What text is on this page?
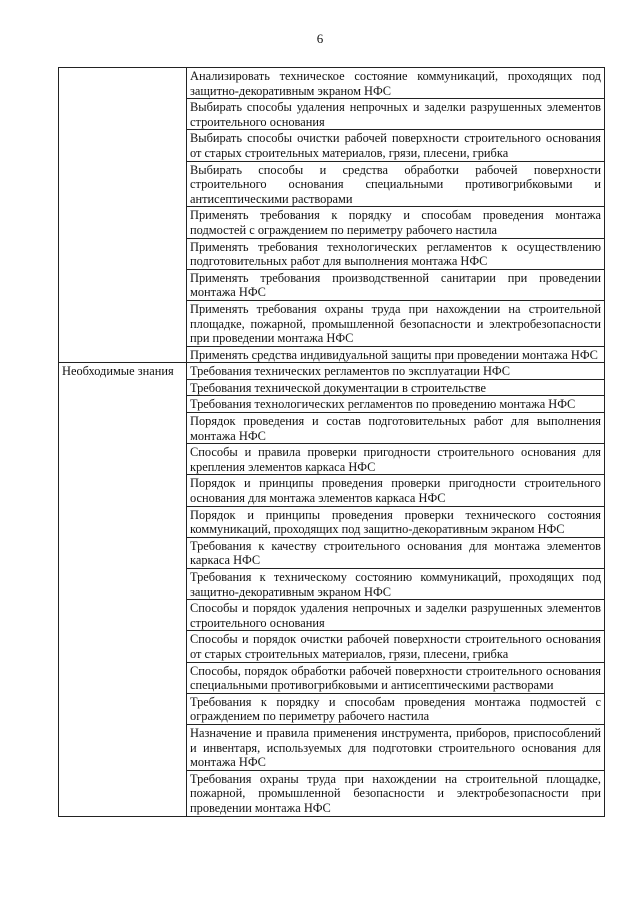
6
	Анализировать техническое состояние коммуникаций, проходящих под защитно-декоративным экраном НФС
	Выбирать способы удаления непрочных и заделки разрушенных элементов строительного основания
	Выбирать способы очистки рабочей поверхности строительного основания от старых строительных материалов, грязи, плесени, грибка
	Выбирать способы и средства обработки рабочей поверхности строительного основания специальными противогрибковыми и антисептическими растворами
	Применять требования к порядку и способам проведения монтажа подмостей с ограждением по периметру рабочего настила
	Применять требования технологических регламентов к осуществлению подготовительных работ для выполнения монтажа НФС
	Применять требования производственной санитарии при проведении монтажа НФС
	Применять требования охраны труда при нахождении на строительной площадке, пожарной, промышленной безопасности и электробезопасности при проведении монтажа НФС
	Применять средства индивидуальной защиты при проведении монтажа НФС
Необходимые знания	Требования технических регламентов по эксплуатации НФС
	Требования технической документации в строительстве
	Требования технологических регламентов по проведению монтажа НФС
	Порядок проведения и состав подготовительных работ для выполнения монтажа НФС
	Способы и правила проверки пригодности строительного основания для крепления элементов каркаса НФС
	Порядок и принципы проведения проверки пригодности строительного основания для монтажа элементов каркаса НФС
	Порядок и принципы проведения проверки технического состояния коммуникаций, проходящих под защитно-декоративным экраном НФС
	Требования к качеству строительного основания для монтажа элементов каркаса НФС
	Требования к техническому состоянию коммуникаций, проходящих под защитно-декоративным экраном НФС
	Способы и порядок удаления непрочных и заделки разрушенных элементов строительного основания
	Способы и порядок очистки рабочей поверхности строительного основания от старых строительных материалов, грязи, плесени, грибка
	Способы, порядок обработки рабочей поверхности строительного основания специальными противогрибковыми и антисептическими растворами
	Требования к порядку и способам проведения монтажа подмостей с ограждением по периметру рабочего настила
	Назначение и правила применения инструмента, приборов, приспособлений и инвентаря, используемых для подготовки строительного основания для монтажа НФС
	Требования охраны труда при нахождении на строительной площадке, пожарной, промышленной безопасности и электробезопасности при проведении монтажа НФС
